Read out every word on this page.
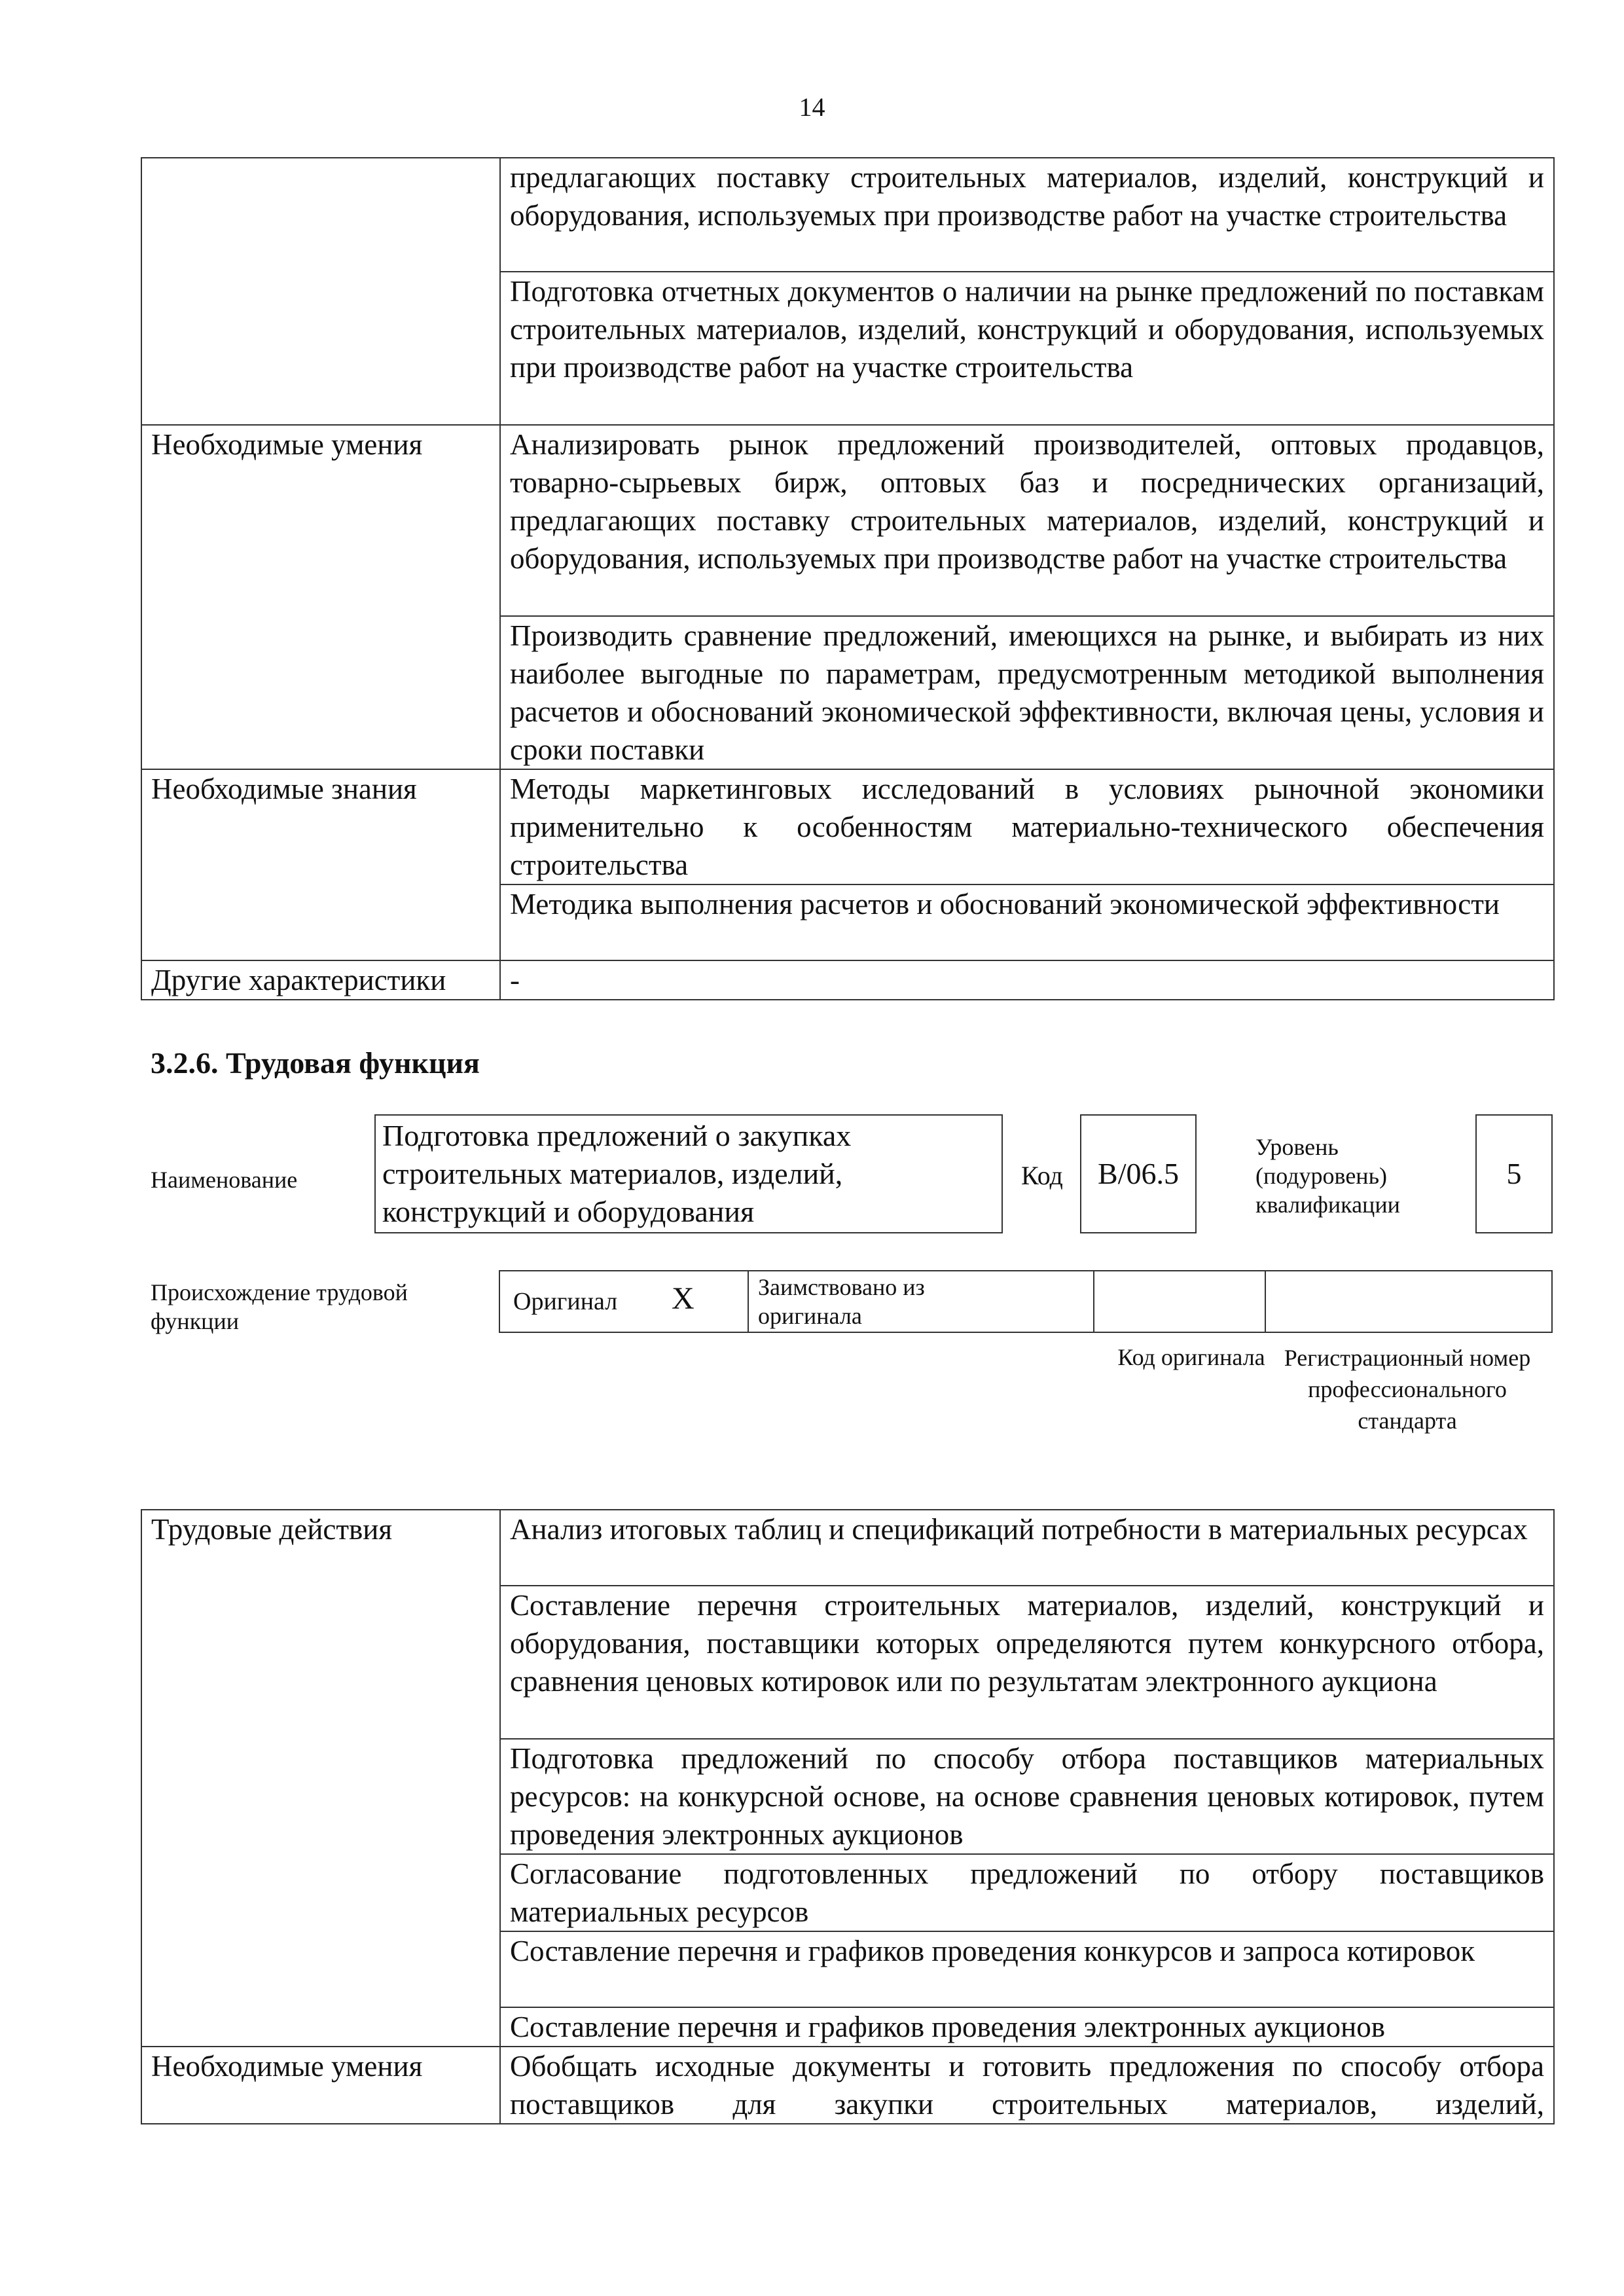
14
	предлагающих поставку строительных материалов, изделий, конструкций и оборудования, используемых при производстве работ на участке строительства
	Подготовка отчетных документов о наличии на рынке предложений по поставкам строительных материалов, изделий, конструкций и оборудования, используемых при производстве работ на участке строительства
Необходимые умения	Анализировать рынок предложений производителей, оптовых продавцов, товарно-сырьевых бирж, оптовых баз и посреднических организаций, предлагающих поставку строительных материалов, изделий, конструкций и оборудования, используемых при производстве работ на участке строительства
	Производить сравнение предложений, имеющихся на рынке, и выбирать из них наиболее выгодные по параметрам, предусмотренным методикой выполнения расчетов и обоснований экономической эффективности, включая цены, условия и сроки поставки
Необходимые знания	Методы маркетинговых исследований в условиях рыночной экономики применительно к особенностям материально-технического обеспечения строительства
	Методика выполнения расчетов и обоснований экономической эффективности
Другие характеристики	-
3.2.6. Трудовая функция
Наименование
Подготовка предложений о закупках строительных материалов, изделий, конструкций и оборудования
Код	B/06.5
Уровень (подуровень) квалификации
5
Происхождение трудовой функции
Оригинал X	Заимствовано из оригинала
Код оригинала Регистрационный номер профессионального стандарта
Трудовые действия	Анализ итоговых таблиц и спецификаций потребности в материальных ресурсах
	Составление перечня строительных материалов, изделий, конструкций и оборудования, поставщики которых определяются путем конкурсного отбора, сравнения ценовых котировок или по результатам электронного аукциона
	Подготовка предложений по способу отбора поставщиков материальных ресурсов: на конкурсной основе, на основе сравнения ценовых котировок, путем проведения электронных аукционов
	Согласование подготовленных предложений по отбору поставщиков материальных ресурсов
	Составление перечня и графиков проведения конкурсов и запроса котировок
	Составление перечня и графиков проведения электронных аукционов
Необходимые умения	Обобщать исходные документы и готовить предложения по способу отбора поставщиков для закупки строительных материалов, изделий,
